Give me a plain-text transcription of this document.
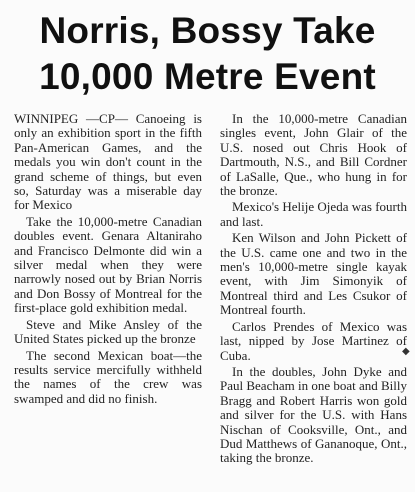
Norris, Bossy Take
10,000 Metre Event

WINNIPEG —CP— Canoeing is only an exhibition sport in the fifth Pan-American Games, and the medals you win don't count in the grand scheme of things, but even so, Saturday was a miserable day for Mexico

Take the 10,000-metre Canadian doubles event. Genara Altaniraho and Francisco Delmonte did win a silver medal when they were narrowly nosed out by Brian Norris and Don Bossy of Montreal for the first-place gold exhibition medal.

Steve and Mike Ansley of the United States picked up the bronze

The second Mexican boat—the results service mercifully withheld the names of the crew was swamped and did no finish.

In the 10,000-metre Canadian singles event, John Glair of the U.S. nosed out Chris Hook of Dartmouth, N.S., and Bill Cordner of LaSalle, Que., who hung in for the bronze.

Mexico's Helije Ojeda was fourth and last.

Ken Wilson and John Pickett of the U.S. came one and two in the men's 10,000-metre single kayak event, with Jim Simonyik of Montreal third and Les Csukor of Montreal fourth.

Carlos Prendes of Mexico was last, nipped by Jose Martinez of Cuba.

In the doubles, John Dyke and Paul Beacham in one boat and Billy Bragg and Robert Harris won gold and silver for the U.S. with Hans Nischan of Cooksville, Ont., and Dud Matthews of Gananoque, Ont., taking the bronze.

◆
